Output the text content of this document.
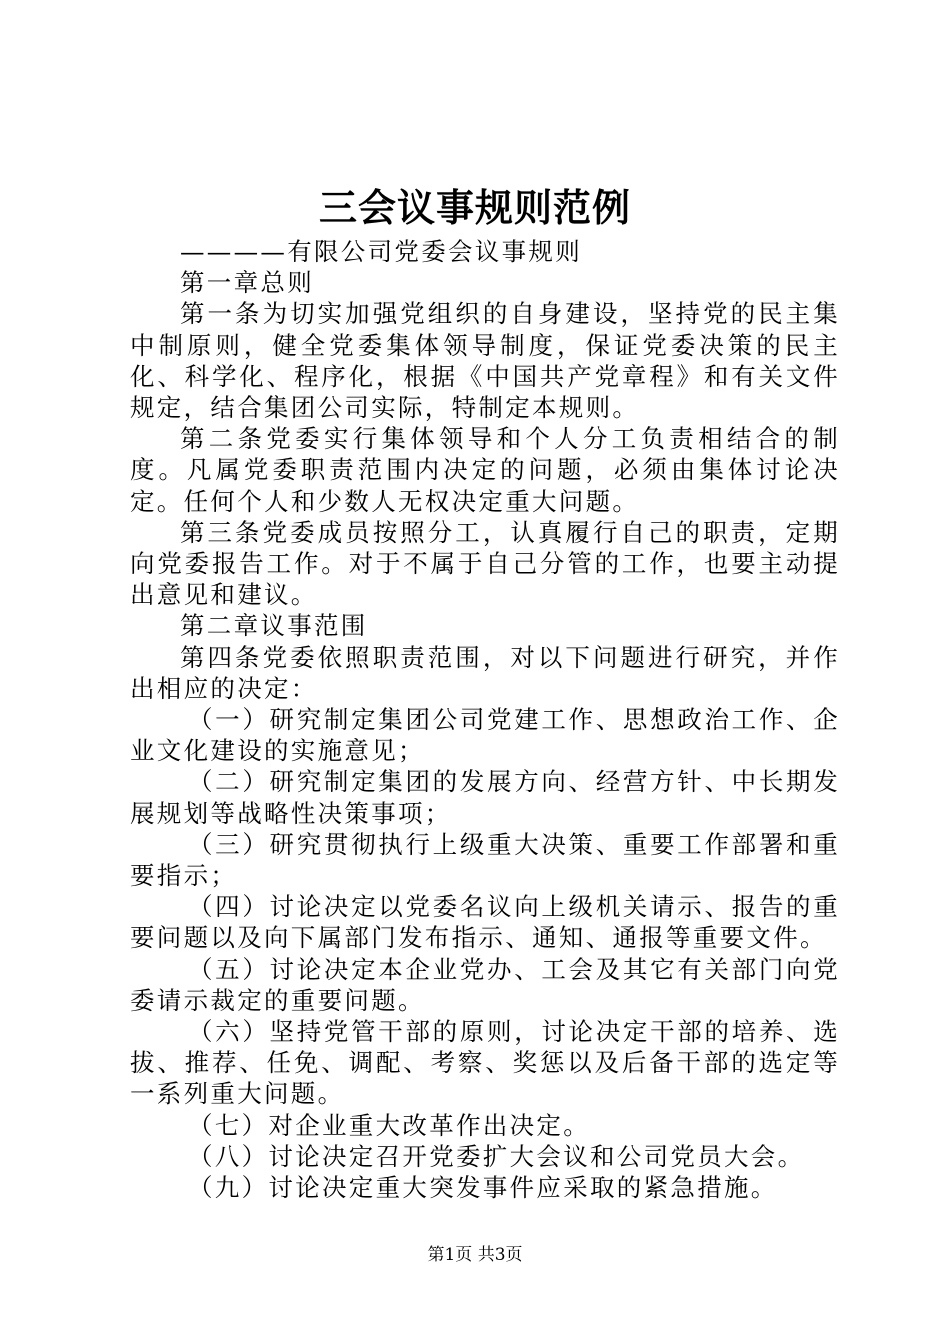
三会议事规则范例

————有限公司党委会议事规则

第一章总则

第一条为切实加强党组织的自身建设，坚持党的民主集中制原则，健全党委集体领导制度，保证党委决策的民主化、科学化、程序化，根据《中国共产党章程》和有关文件规定，结合集团公司实际，特制定本规则。

第二条党委实行集体领导和个人分工负责相结合的制度。凡属党委职责范围内决定的问题，必须由集体讨论决定。任何个人和少数人无权决定重大问题。

第三条党委成员按照分工，认真履行自己的职责，定期向党委报告工作。对于不属于自己分管的工作，也要主动提出意见和建议。

第二章议事范围

第四条党委依照职责范围，对以下问题进行研究，并作出相应的决定：

（一）研究制定集团公司党建工作、思想政治工作、企业文化建设的实施意见；

（二）研究制定集团的发展方向、经营方针、中长期发展规划等战略性决策事项；

（三）研究贯彻执行上级重大决策、重要工作部署和重要指示；

（四）讨论决定以党委名议向上级机关请示、报告的重要问题以及向下属部门发布指示、通知、通报等重要文件。

（五）讨论决定本企业党办、工会及其它有关部门向党委请示裁定的重要问题。

（六）坚持党管干部的原则，讨论决定干部的培养、选拔、推荐、任免、调配、考察、奖惩以及后备干部的选定等一系列重大问题。

（七）对企业重大改革作出决定。

（八）讨论决定召开党委扩大会议和公司党员大会。

（九）讨论决定重大突发事件应采取的紧急措施。

第1页 共3页
